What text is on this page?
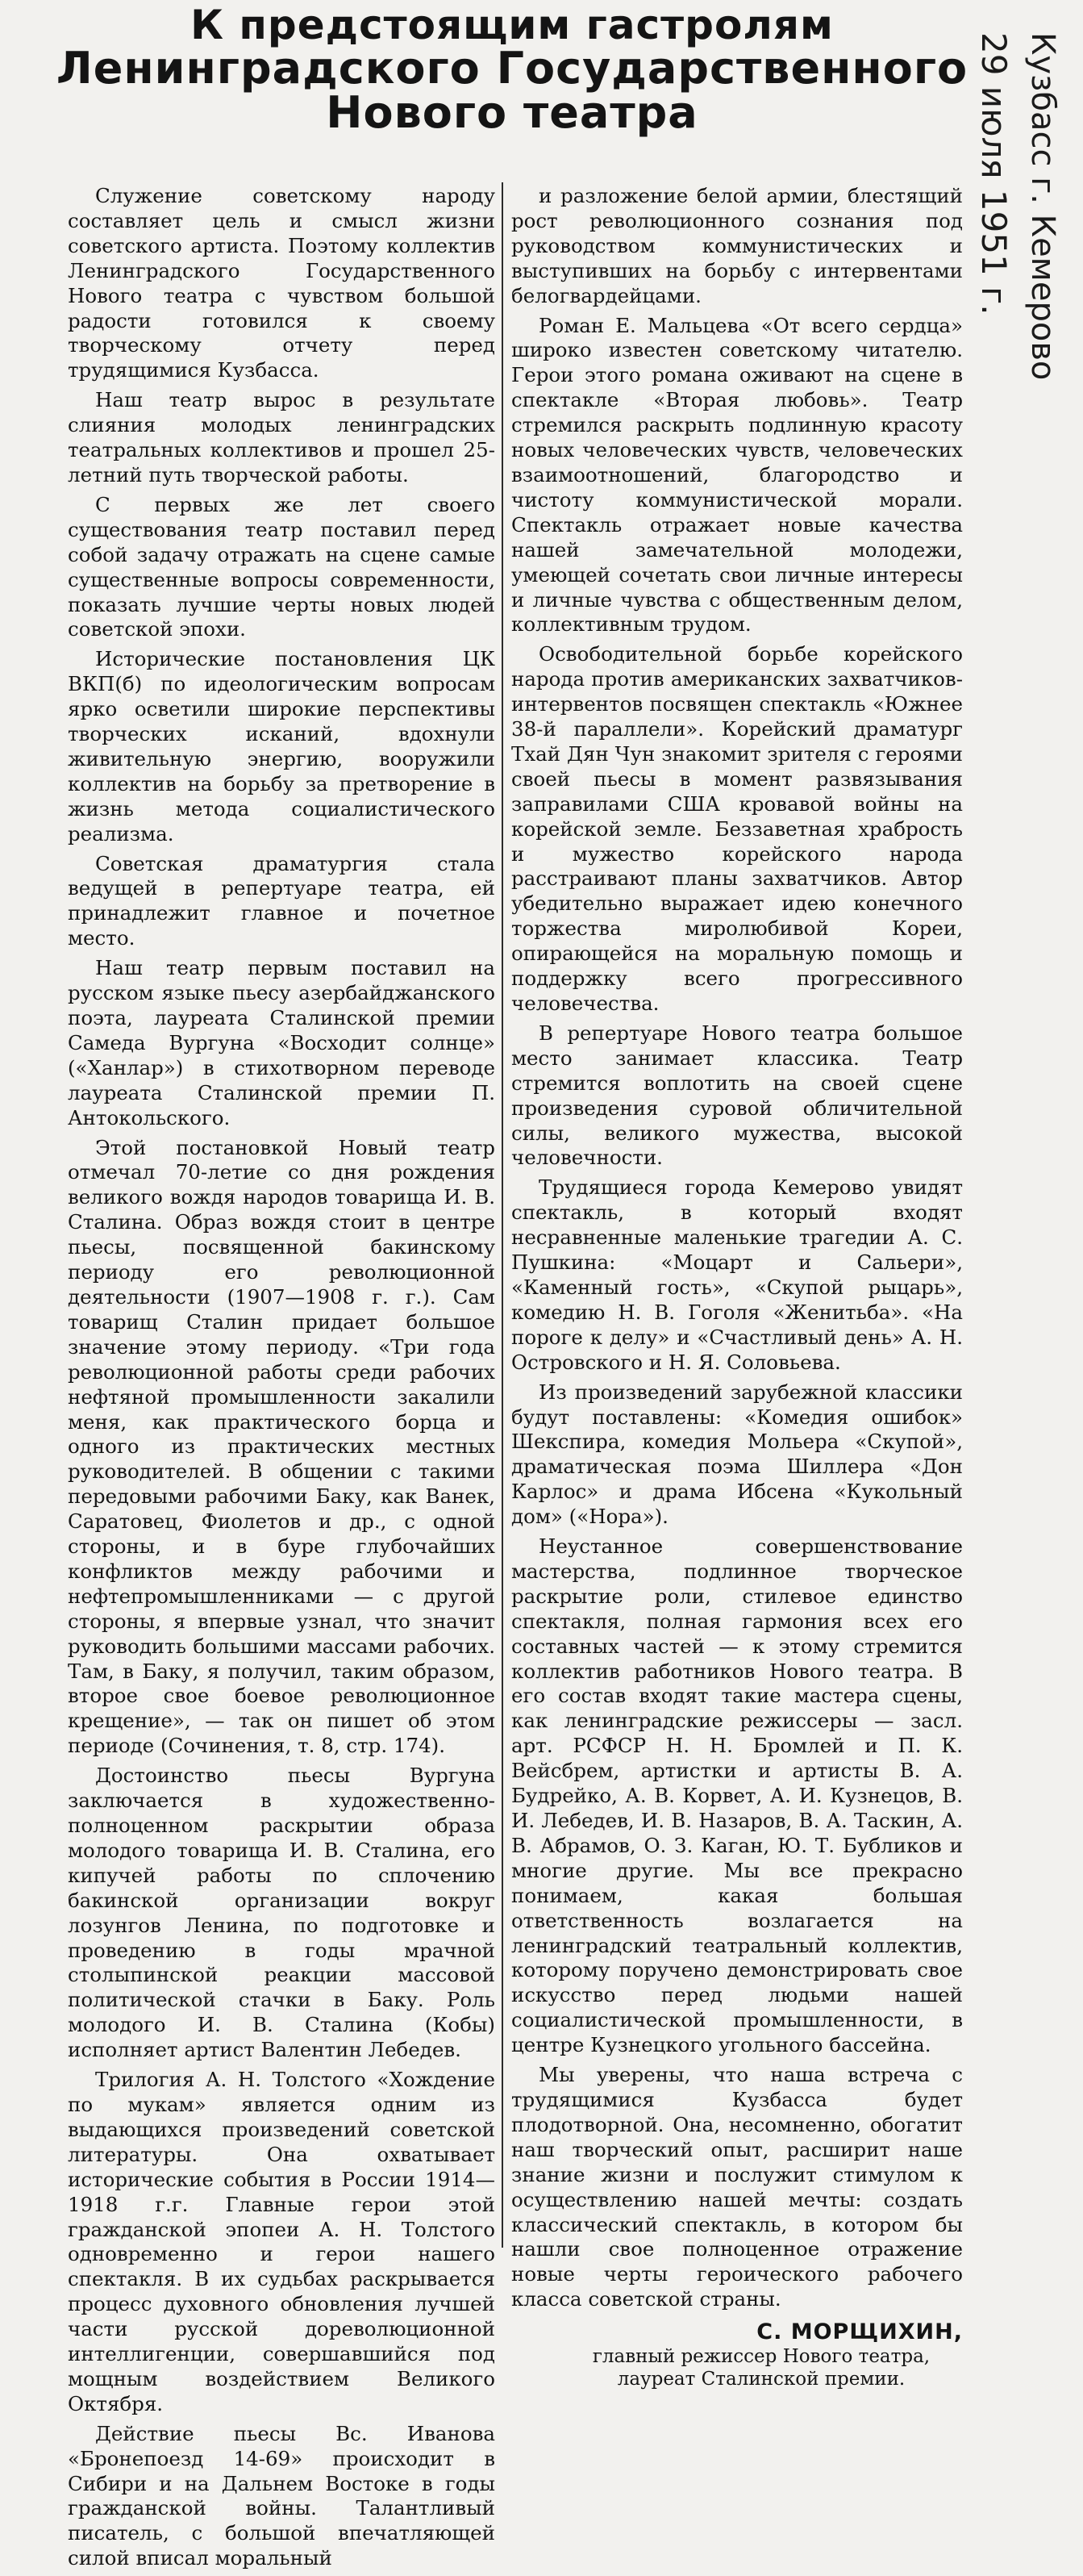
К предстоящим гастролям
Ленинградского Государственного
Нового театра	Кузбасс г. Кемерово
29 июля 1951 г.

Служение советскому народу составляет цель и смысл жизни советского артиста. Поэтому коллектив Ленинградского Государственного Нового театра с чувством большой радости готовился к своему творческому отчету перед трудящимися Кузбасса.

Наш театр вырос в результате слияния молодых ленинградских театральных коллективов и прошел 25-летний путь творческой работы.

С первых же лет своего существования театр поставил перед собой задачу отражать на сцене самые существенные вопросы современности, показать лучшие черты новых людей советской эпохи.

Исторические постановления ЦК ВКП(б) по идеологическим вопросам ярко осветили широкие перспективы творческих исканий, вдохнули живительную энергию, вооружили коллектив на борьбу за претворение в жизнь метода социалистического реализма.

Советская драматургия стала ведущей в репертуаре театра, ей принадлежит главное и почетное место.

Наш театр первым поставил на русском языке пьесу азербайджанского поэта, лауреата Сталинской премии Самеда Вургуна «Восходит солнце» («Ханлар») в стихотворном переводе лауреата Сталинской премии П. Антокольского.

Этой постановкой Новый театр отмечал 70-летие со дня рождения великого вождя народов товарища И. В. Сталина. Образ вождя стоит в центре пьесы, посвященной бакинскому периоду его революционной деятельности (1907—1908 г. г.). Сам товарищ Сталин придает большое значение этому периоду. «Три года революционной работы среди рабочих нефтяной промышленности закалили меня, как практического борца и одного из практических местных руководителей. В общении с такими передовыми рабочими Баку, как Ванек, Саратовец, Фиолетов и др., с одной стороны, и в буре глубочайших конфликтов между рабочими и нефтепромышленниками — с другой стороны, я впервые узнал, что значит руководить большими массами рабочих. Там, в Баку, я получил, таким образом, второе свое боевое революционное крещение», — так он пишет об этом периоде (Сочинения, т. 8, стр. 174).

Достоинство пьесы Вургуна заключается в художественно-полноценном раскрытии образа молодого товарища И. В. Сталина, его кипучей работы по сплочению бакинской организации вокруг лозунгов Ленина, по подготовке и проведению в годы мрачной столыпинской реакции массовой политической стачки в Баку. Роль молодого И. В. Сталина (Кобы) исполняет артист Валентин Лебедев.

Трилогия А. Н. Толстого «Хождение по мукам» является одним из выдающихся произведений советской литературы. Она охватывает исторические события в России 1914—1918 г.г. Главные герои этой гражданской эпопеи А. Н. Толстого одновременно и герои нашего спектакля. В их судьбах раскрывается процесс духовного обновления лучшей части русской дореволюционной интеллигенции, совершавшийся под мощным воздействием Великого Октября.

Действие пьесы Вс. Иванова «Бронепоезд 14-69» происходит в Сибири и на Дальнем Востоке в годы гражданской войны. Талантливый писатель, с большой впечатляющей силой вписал моральный

и разложение белой армии, блестящий рост революционного сознания под руководством коммунистических и выступивших на борьбу с интервентами белогвардейцами.

Роман Е. Мальцева «От всего сердца» широко известен советскому читателю. Герои этого романа оживают на сцене в спектакле «Вторая любовь». Театр стремился раскрыть подлинную красоту новых человеческих чувств, человеческих взаимоотношений, благородство и чистоту коммунистической морали. Спектакль отражает новые качества нашей замечательной молодежи, умеющей сочетать свои личные интересы и личные чувства с общественным делом, коллективным трудом.

Освободительной борьбе корейского народа против американских захватчиков-интервентов посвящен спектакль «Южнее 38-й параллели». Корейский драматург Тхай Дян Чун знакомит зрителя с героями своей пьесы в момент развязывания заправилами США кровавой войны на корейской земле. Беззаветная храбрость и мужество корейского народа расстраивают планы захватчиков. Автор убедительно выражает идею конечного торжества миролюбивой Кореи, опирающейся на моральную помощь и поддержку всего прогрессивного человечества.

В репертуаре Нового театра большое место занимает классика. Театр стремится воплотить на своей сцене произведения суровой обличительной силы, великого мужества, высокой человечности.

Трудящиеся города Кемерово увидят спектакль, в который входят несравненные маленькие трагедии А. С. Пушкина: «Моцарт и Сальери», «Каменный гость», «Скупой рыцарь», комедию Н. В. Гоголя «Женитьба». «На пороге к делу» и «Счастливый день» А. Н. Островского и Н. Я. Соловьева.

Из произведений зарубежной классики будут поставлены: «Комедия ошибок» Шекспира, комедия Мольера «Скупой», драматическая поэма Шиллера «Дон Карлос» и драма Ибсена «Кукольный дом» («Нора»).

Неустанное совершенствование мастерства, подлинное творческое раскрытие роли, стилевое единство спектакля, полная гармония всех его составных частей — к этому стремится коллектив работников Нового театра. В его состав входят такие мастера сцены, как ленинградские режиссеры — засл. арт. РСФСР Н. Н. Бромлей и П. К. Вейсбрем, артистки и артисты В. А. Будрейко, А. В. Корвет, А. И. Кузнецов, В. И. Лебедев, И. В. Назаров, В. А. Таскин, А. В. Абрамов, О. З. Каган, Ю. Т. Бубликов и многие другие. Мы все прекрасно понимаем, какая большая ответственность возлагается на ленинградский театральный коллектив, которому поручено демонстрировать свое искусство перед людьми нашей социалистической промышленности, в центре Кузнецкого угольного бассейна.

Мы уверены, что наша встреча с трудящимися Кузбасса будет плодотворной. Она, несомненно, обогатит наш творческий опыт, расширит наше знание жизни и послужит стимулом к осуществлению нашей мечты: создать классический спектакль, в котором бы нашли свое полноценное отражение новые черты героического рабочего класса советской страны.

С. МОРЩИХИН,
главный режиссер Нового театра,
лауреат Сталинской премии.
